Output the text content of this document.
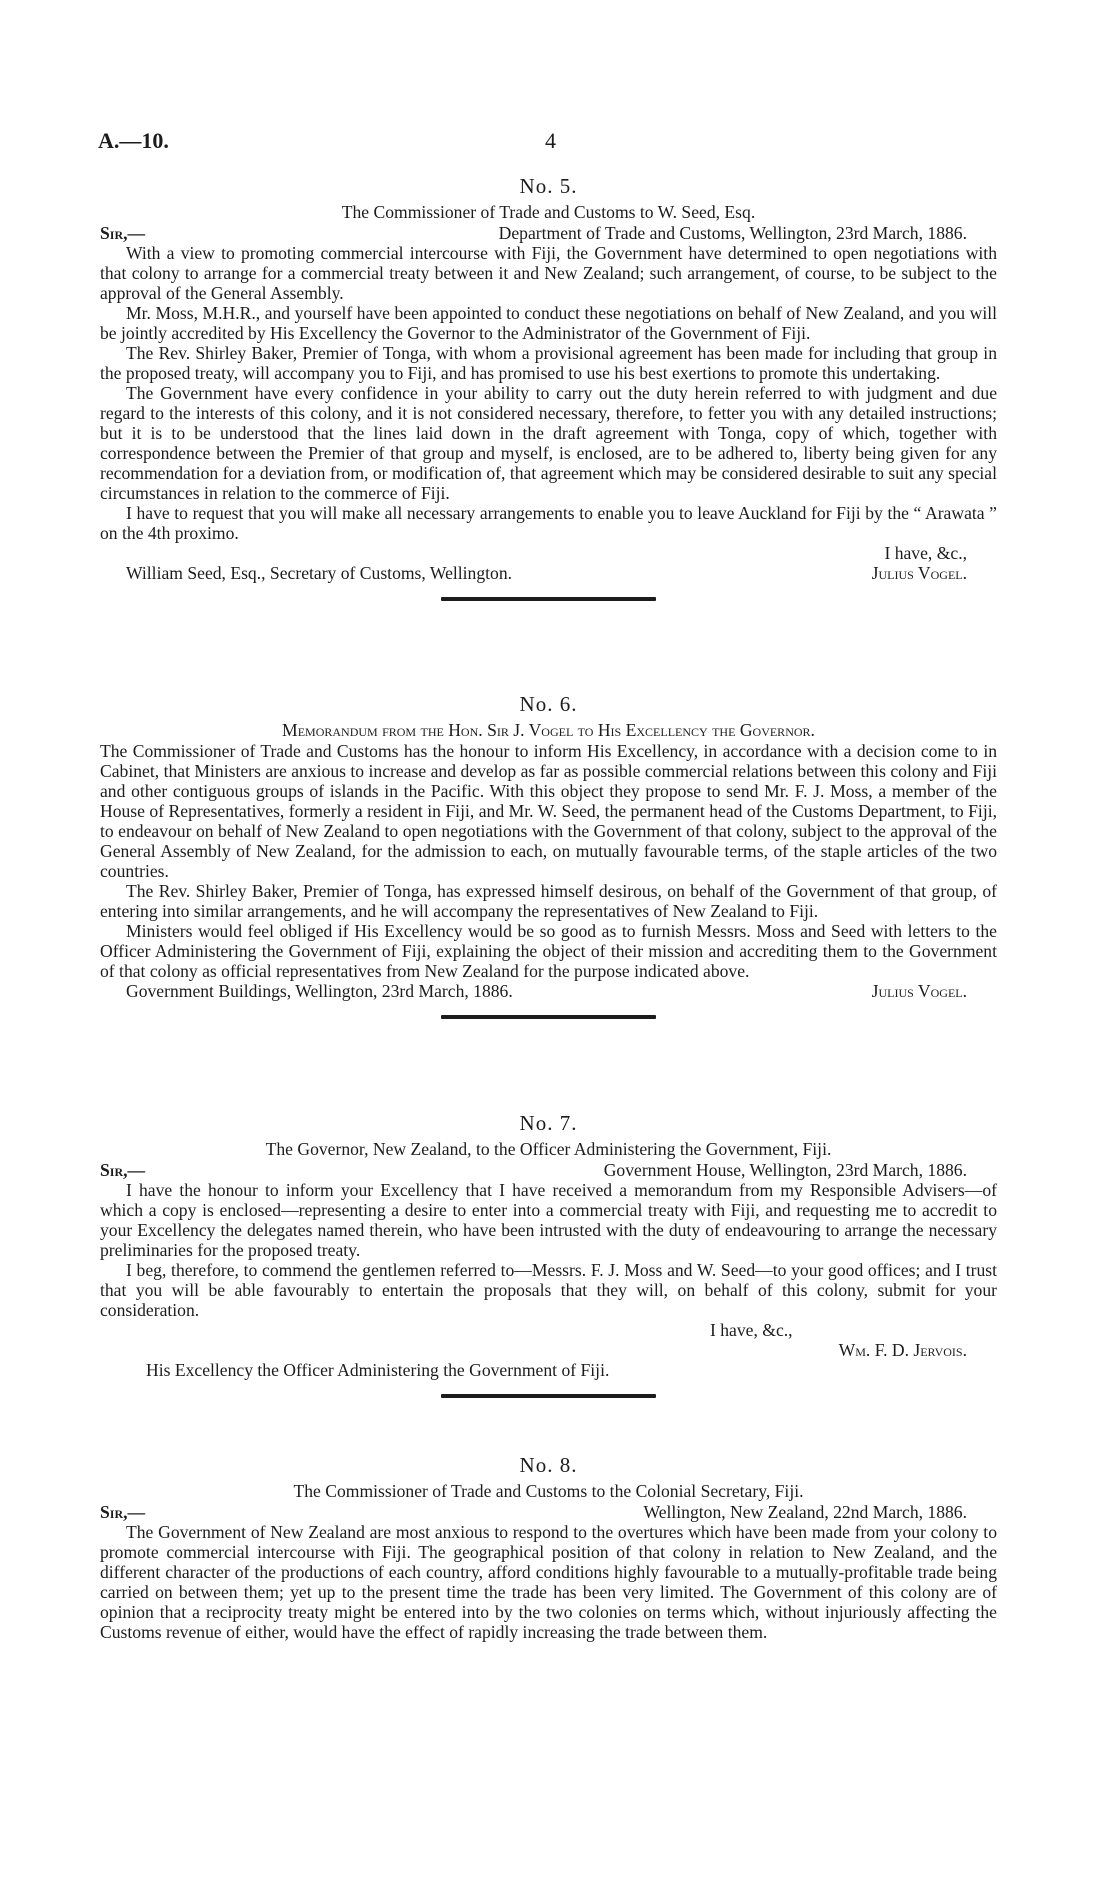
A.—10.	4
No. 5.
The Commissioner of Trade and Customs to W. Seed, Esq.
Sir,—	Department of Trade and Customs, Wellington, 23rd March, 1886.
With a view to promoting commercial intercourse with Fiji, the Government have determined to open negotiations with that colony to arrange for a commercial treaty between it and New Zealand; such arrangement, of course, to be subject to the approval of the General Assembly.
Mr. Moss, M.H.R., and yourself have been appointed to conduct these negotiations on behalf of New Zealand, and you will be jointly accredited by His Excellency the Governor to the Administrator of the Government of Fiji.
The Rev. Shirley Baker, Premier of Tonga, with whom a provisional agreement has been made for including that group in the proposed treaty, will accompany you to Fiji, and has promised to use his best exertions to promote this undertaking.
The Government have every confidence in your ability to carry out the duty herein referred to with judgment and due regard to the interests of this colony, and it is not considered necessary, therefore, to fetter you with any detailed instructions; but it is to be understood that the lines laid down in the draft agreement with Tonga, copy of which, together with correspondence between the Premier of that group and myself, is enclosed, are to be adhered to, liberty being given for any recommendation for a deviation from, or modification of, that agreement which may be considered desirable to suit any special circumstances in relation to the commerce of Fiji.
I have to request that you will make all necessary arrangements to enable you to leave Auckland for Fiji by the “ Arawata ” on the 4th proximo.
I have, &c.,
William Seed, Esq., Secretary of Customs, Wellington.	Julius Vogel.
No. 6.
Memorandum from the Hon. Sir J. Vogel to His Excellency the Governor.
The Commissioner of Trade and Customs has the honour to inform His Excellency, in accordance with a decision come to in Cabinet, that Ministers are anxious to increase and develop as far as possible commercial relations between this colony and Fiji and other contiguous groups of islands in the Pacific. With this object they propose to send Mr. F. J. Moss, a member of the House of Representatives, formerly a resident in Fiji, and Mr. W. Seed, the permanent head of the Customs Department, to Fiji, to endeavour on behalf of New Zealand to open negotiations with the Government of that colony, subject to the approval of the General Assembly of New Zealand, for the admission to each, on mutually favourable terms, of the staple articles of the two countries.
The Rev. Shirley Baker, Premier of Tonga, has expressed himself desirous, on behalf of the Government of that group, of entering into similar arrangements, and he will accompany the representatives of New Zealand to Fiji.
Ministers would feel obliged if His Excellency would be so good as to furnish Messrs. Moss and Seed with letters to the Officer Administering the Government of Fiji, explaining the object of their mission and accrediting them to the Government of that colony as official representatives from New Zealand for the purpose indicated above.
Government Buildings, Wellington, 23rd March, 1886.	Julius Vogel.
No. 7.
The Governor, New Zealand, to the Officer Administering the Government, Fiji.
Sir,—	Government House, Wellington, 23rd March, 1886.
I have the honour to inform your Excellency that I have received a memorandum from my Responsible Advisers—of which a copy is enclosed—representing a desire to enter into a commercial treaty with Fiji, and requesting me to accredit to your Excellency the delegates named therein, who have been intrusted with the duty of endeavouring to arrange the necessary preliminaries for the proposed treaty.
I beg, therefore, to commend the gentlemen referred to—Messrs. F. J. Moss and W. Seed—to your good offices; and I trust that you will be able favourably to entertain the proposals that they will, on behalf of this colony, submit for your consideration.
I have, &c.,
Wm. F. D. Jervois.
His Excellency the Officer Administering the Government of Fiji.
No. 8.
The Commissioner of Trade and Customs to the Colonial Secretary, Fiji.
Sir,—	Wellington, New Zealand, 22nd March, 1886.
The Government of New Zealand are most anxious to respond to the overtures which have been made from your colony to promote commercial intercourse with Fiji. The geographical position of that colony in relation to New Zealand, and the different character of the productions of each country, afford conditions highly favourable to a mutually-profitable trade being carried on between them; yet up to the present time the trade has been very limited. The Government of this colony are of opinion that a reciprocity treaty might be entered into by the two colonies on terms which, without injuriously affecting the Customs revenue of either, would have the effect of rapidly increasing the trade between them.
